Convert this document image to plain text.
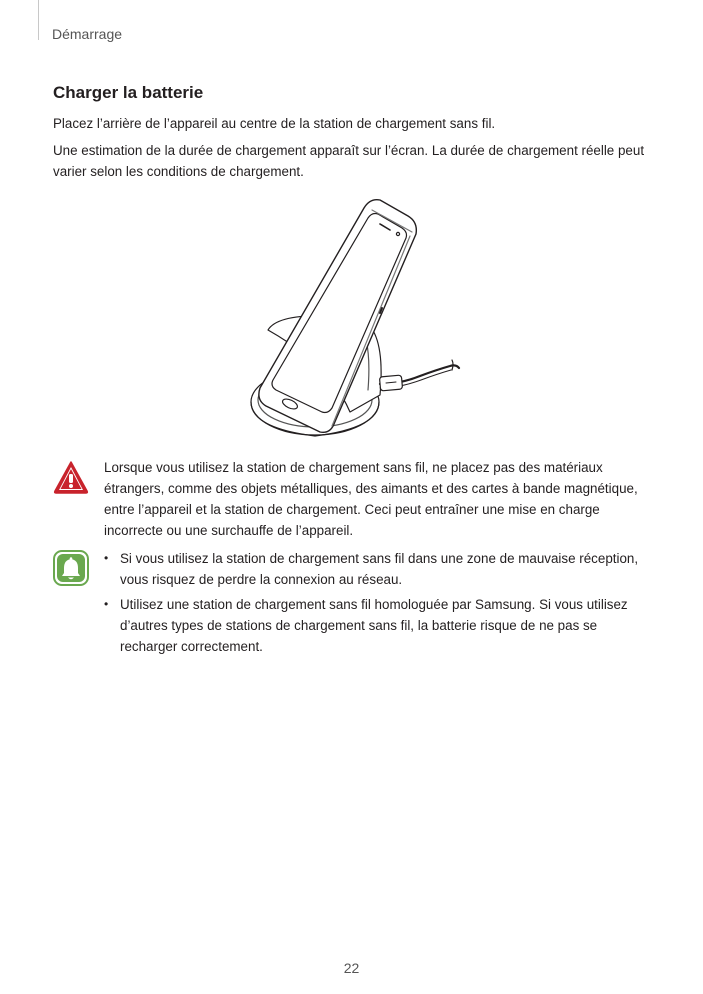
Démarrage
Charger la batterie

Placez l’arrière de l’appareil au centre de la station de chargement sans fil.

Une estimation de la durée de chargement apparaît sur l’écran. La durée de chargement réelle peut varier selon les conditions de chargement.

Lorsque vous utilisez la station de chargement sans fil, ne placez pas des matériaux étrangers, comme des objets métalliques, des aimants et des cartes à bande magnétique, entre l’appareil et la station de chargement. Ceci peut entraîner une mise en charge incorrecte ou une surchauffe de l’appareil.

• Si vous utilisez la station de chargement sans fil dans une zone de mauvaise réception, vous risquez de perdre la connexion au réseau.
• Utilisez une station de chargement sans fil homologuée par Samsung. Si vous utilisez d’autres types de stations de chargement sans fil, la batterie risque de ne pas se recharger correctement.
22
